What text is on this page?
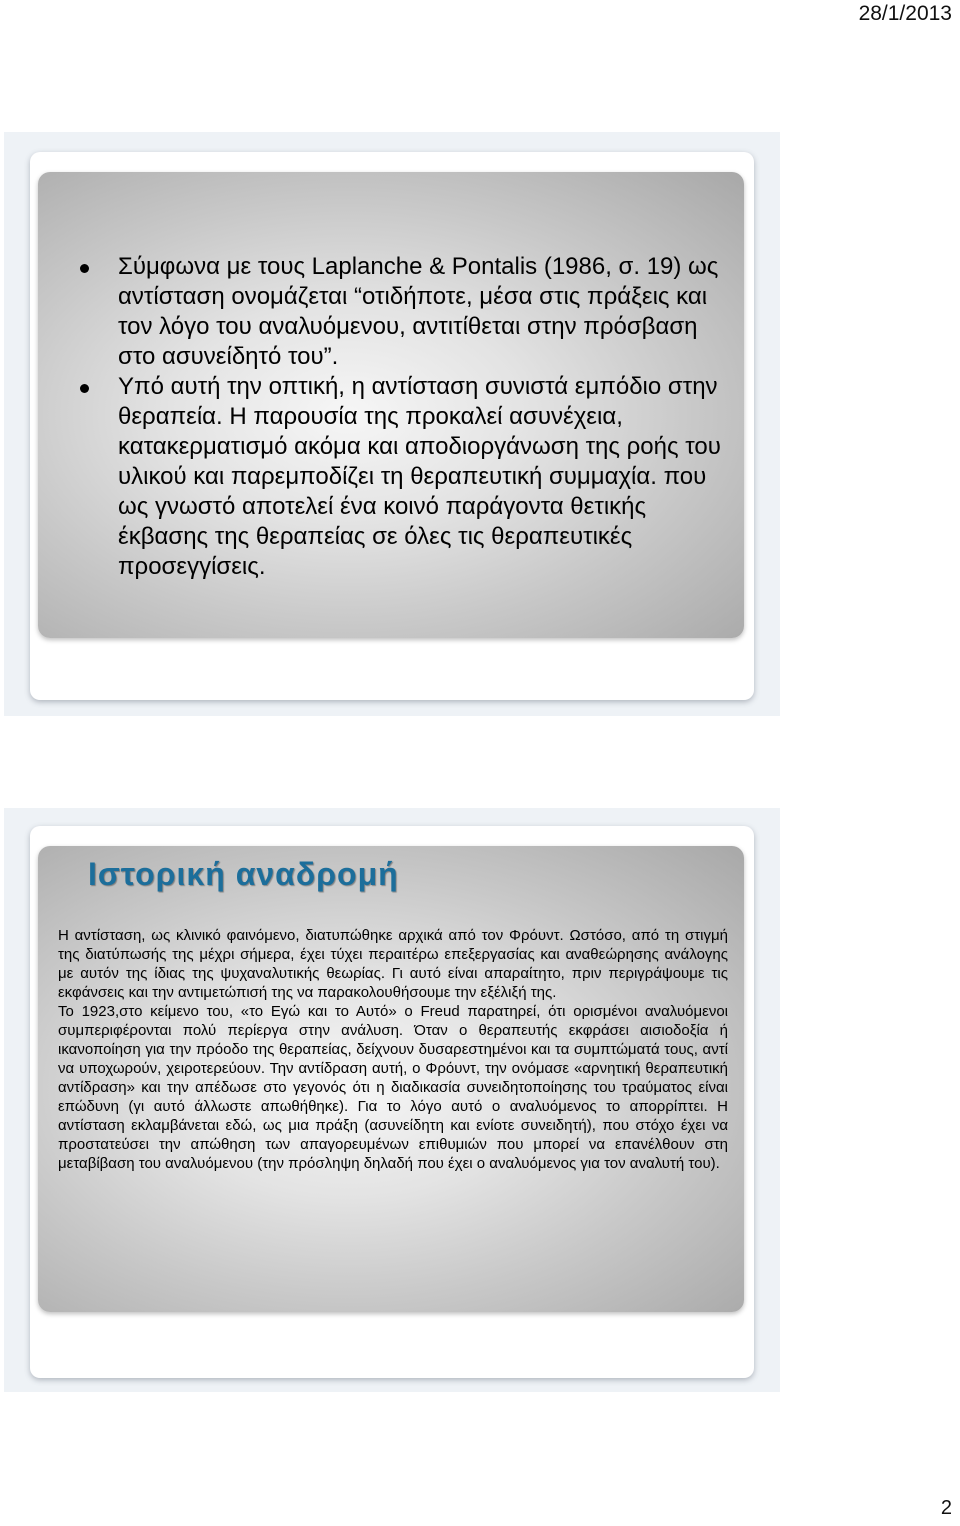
28/1/2013
Σύμφωνα με τους Laplanche & Pontalis (1986, σ. 19) ως αντίσταση ονομάζεται “οτιδήποτε, μέσα στις πράξεις και τον λόγο του αναλυόμενου, αντιτίθεται στην πρόσβαση στο ασυνείδητό του”.
Υπό αυτή την οπτική, η αντίσταση συνιστά εμπόδιο στην θεραπεία. Η παρουσία της προκαλεί ασυνέχεια, κατακερματισμό ακόμα και αποδιοργάνωση της ροής του υλικού και παρεμποδίζει τη θεραπευτική συμμαχία. που ως γνωστό αποτελεί ένα κοινό παράγοντα θετικής έκβασης της θεραπείας σε όλες τις θεραπευτικές προσεγγίσεις.
Ιστορική αναδρομή

Η αντίσταση, ως κλινικό φαινόμενο, διατυπώθηκε αρχικά από τον Φρόυντ. Ωστόσο, από τη στιγμή της διατύπωσής της μέχρι σήμερα, έχει τύχει περαιτέρω επεξεργασίας και αναθεώρησης ανάλογης με αυτόν της ίδιας της ψυχαναλυτικής θεωρίας. Γι αυτό είναι απαραίτητο, πριν περιγράψουμε τις εκφάνσεις και την αντιμετώπισή της να παρακολουθήσουμε την εξέλιξή της.

Το 1923,στο κείμενο του, «το Εγώ και το Αυτό» ο Freud παρατηρεί, ότι ορισμένοι αναλυόμενοι συμπεριφέρονται πολύ περίεργα στην ανάλυση. Όταν ο θεραπευτής εκφράσει αισιοδοξία ή ικανοποίηση για την πρόοδο της θεραπείας, δείχνουν δυσαρεστημένοι και τα συμπτώματά τους, αντί να υποχωρούν, χειροτερεύουν. Την αντίδραση αυτή, ο Φρόυντ, την ονόμασε «αρνητική θεραπευτική αντίδραση» και την απέδωσε στο γεγονός ότι η διαδικασία συνειδητοποίησης του τραύματος είναι επώδυνη (γι αυτό άλλωστε απωθήθηκε). Για το λόγο αυτό ο αναλυόμενος το απορρίπτει. Η αντίσταση εκλαμβάνεται εδώ, ως μια πράξη (ασυνείδητη και ενίοτε συνειδητή), που στόχο έχει να προστατεύσει την απώθηση των απαγορευμένων επιθυμιών που μπορεί να επανέλθουν στη μεταβίβαση του αναλυόμενου (την πρόσληψη δηλαδή που έχει ο αναλυόμενος για τον αναλυτή του).

2
